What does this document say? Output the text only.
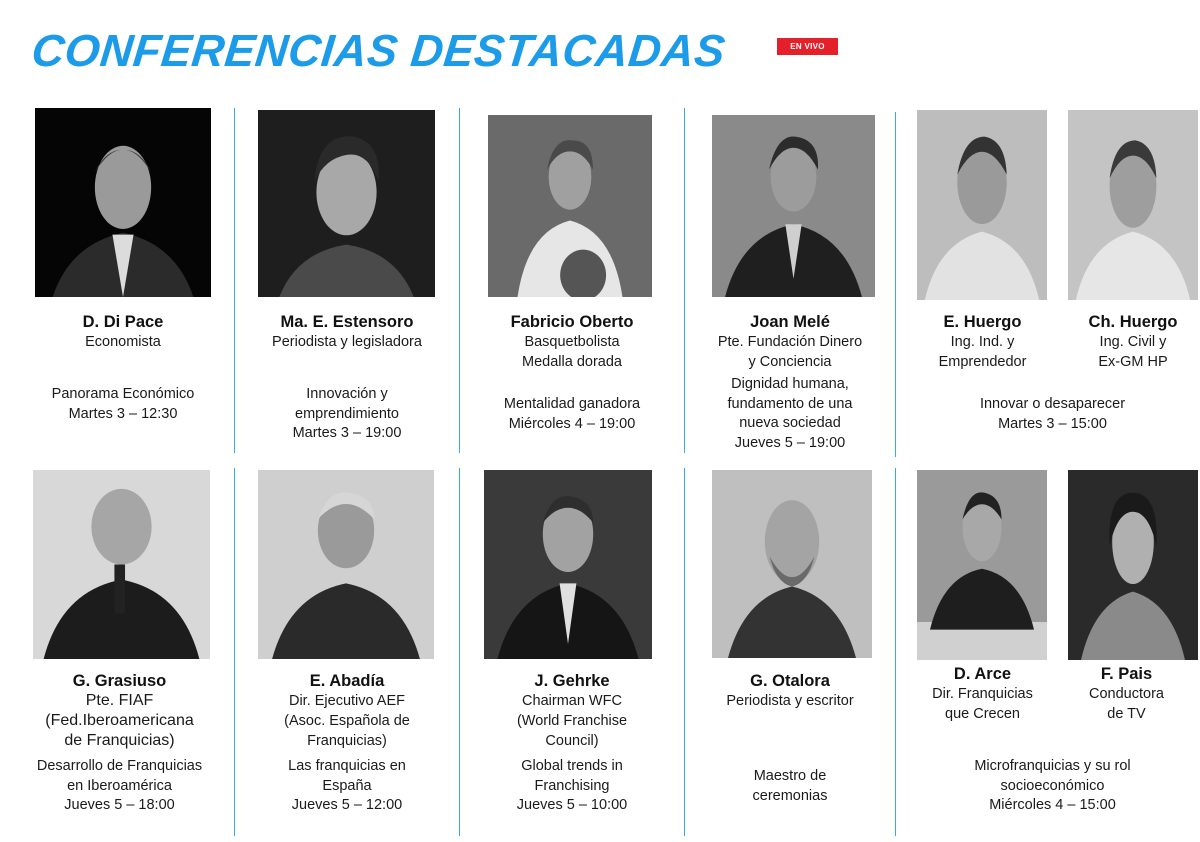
CONFERENCIAS DESTACADAS	EN VIVO
D. Di Pace
Economista
Panorama Económico
Martes 3 – 12:30
Ma. E. Estensoro
Periodista y legisladora
Innovación y
emprendimiento
Martes 3 – 19:00
Fabricio Oberto
Basquetbolista
Medalla dorada
Mentalidad ganadora
Miércoles 4 – 19:00
Joan Melé
Pte. Fundación Dinero
y Conciencia
Dignidad humana,
fundamento de una
nueva sociedad
Jueves 5 – 19:00
E. Huergo
Ing. Ind. y
Emprendedor
Ch. Huergo
Ing. Civil y
Ex-GM HP
Innovar o desaparecer
Martes 3 – 15:00
G. Grasiuso
Pte. FIAF
(Fed.Iberoamericana
de Franquicias)
Desarrollo de Franquicias
en Iberoamérica
Jueves 5 – 18:00
E. Abadía
Dir. Ejecutivo AEF
(Asoc. Española de
Franquicias)
Las franquicias en
España
Jueves 5 – 12:00
J. Gehrke
Chairman WFC
(World Franchise
Council)
Global trends in
Franchising
Jueves 5 – 10:00
G. Otalora
Periodista y escritor
Maestro de
ceremonias
D. Arce
Dir. Franquicias
que Crecen
F. Pais
Conductora
de TV
Microfranquicias y su rol
socioeconómico
Miércoles 4 – 15:00
